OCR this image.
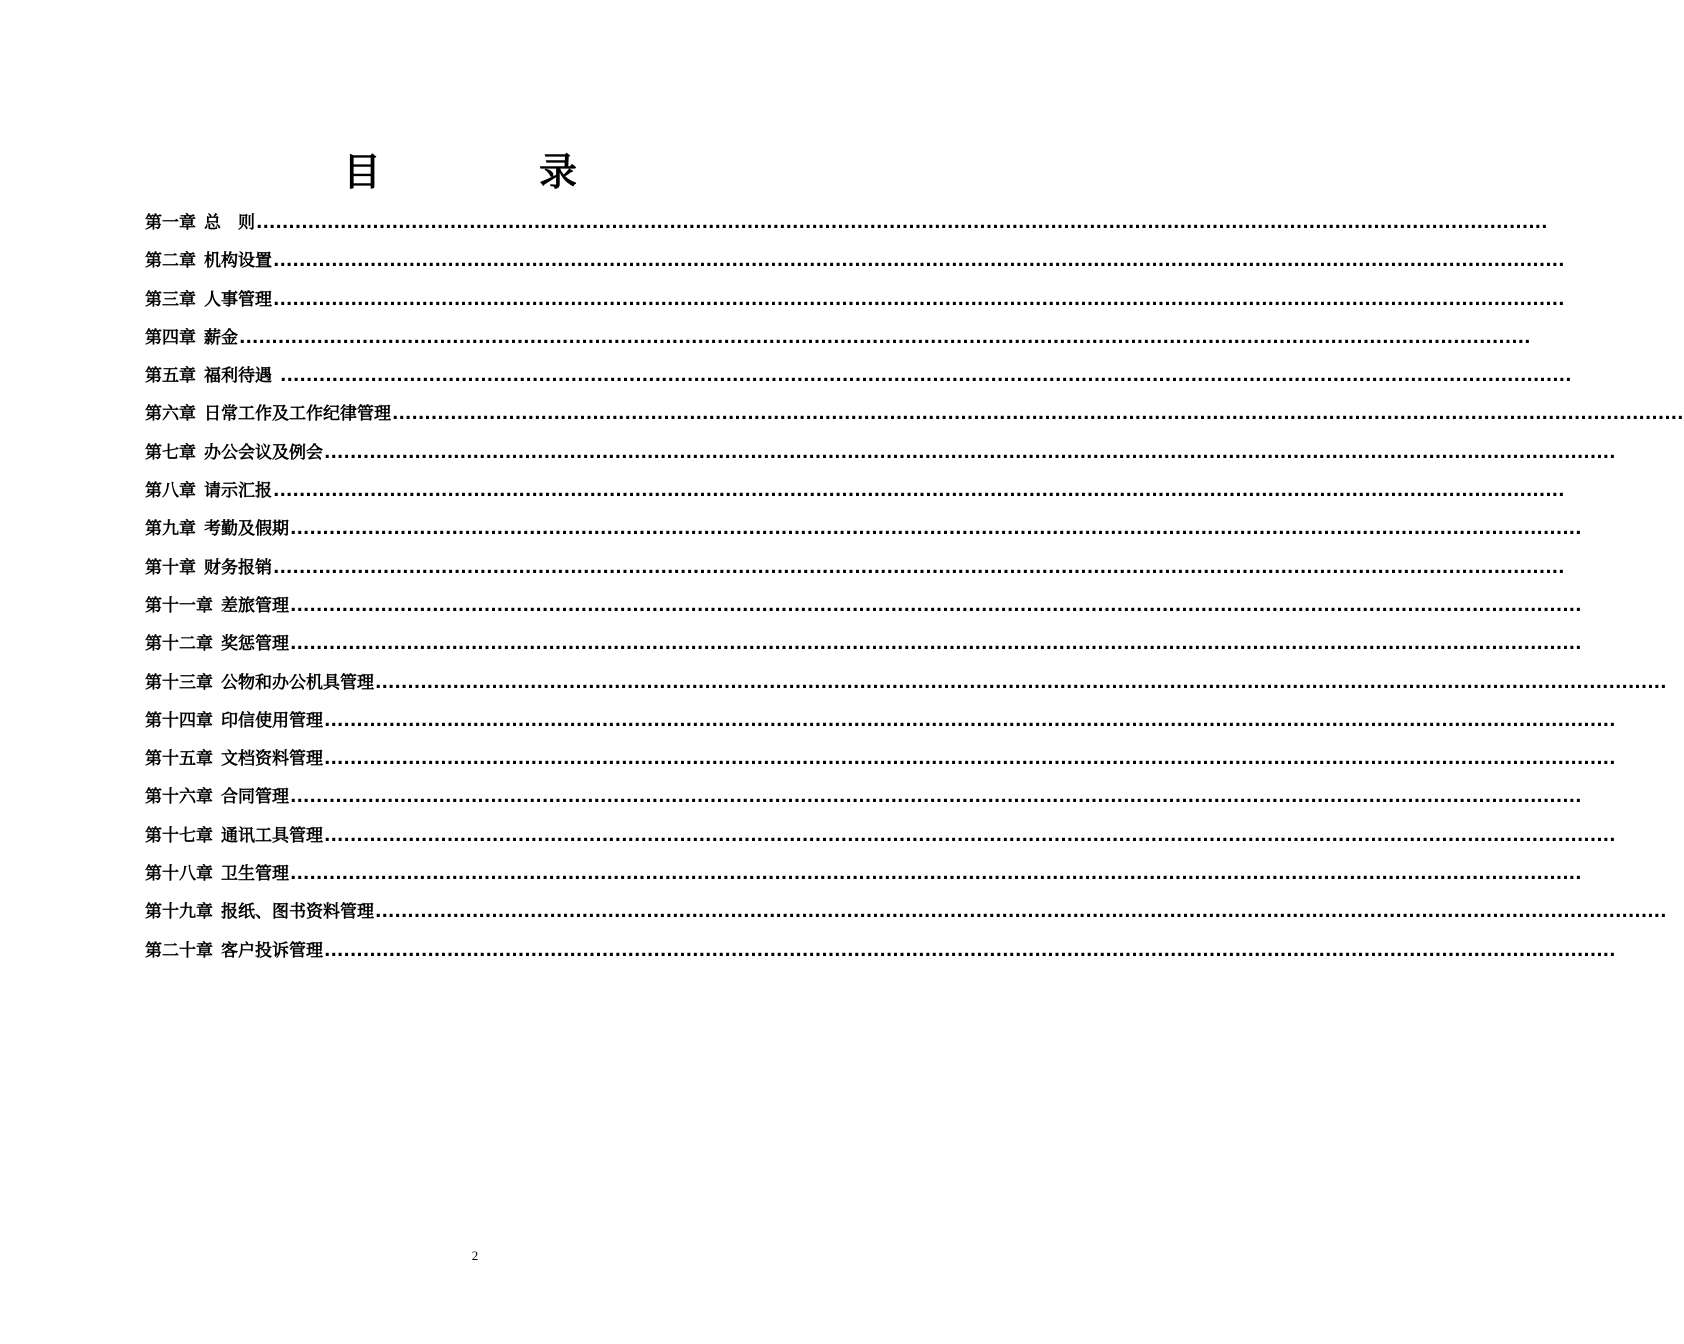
目　录
第一章 总　则 ........................................................................................................................................................................................................
第二章 机构设置 ........................................................................................................................................................................................................
第三章 人事管理 ........................................................................................................................................................................................................
第四章 薪金 ........................................................................................................................................................................................................
第五章 福利待遇 ........................................................................................................................................................................................................
第六章 日常工作及工作纪律管理 ........................................................................................................................................................................................................
第七章 办公会议及例会 ........................................................................................................................................................................................................
第八章 请示汇报 ........................................................................................................................................................................................................
第九章 考勤及假期 ........................................................................................................................................................................................................
第十章 财务报销 ........................................................................................................................................................................................................
第十一章 差旅管理 ........................................................................................................................................................................................................
第十二章 奖惩管理 ........................................................................................................................................................................................................
第十三章 公物和办公机具管理 ........................................................................................................................................................................................................
第十四章 印信使用管理 ........................................................................................................................................................................................................
第十五章 文档资料管理 ........................................................................................................................................................................................................
第十六章 合同管理 ........................................................................................................................................................................................................
第十七章 通讯工具管理 ........................................................................................................................................................................................................
第十八章 卫生管理 ........................................................................................................................................................................................................
第十九章 报纸、图书资料管理 ........................................................................................................................................................................................................
第二十章 客户投诉管理 ........................................................................................................................................................................................................
2
